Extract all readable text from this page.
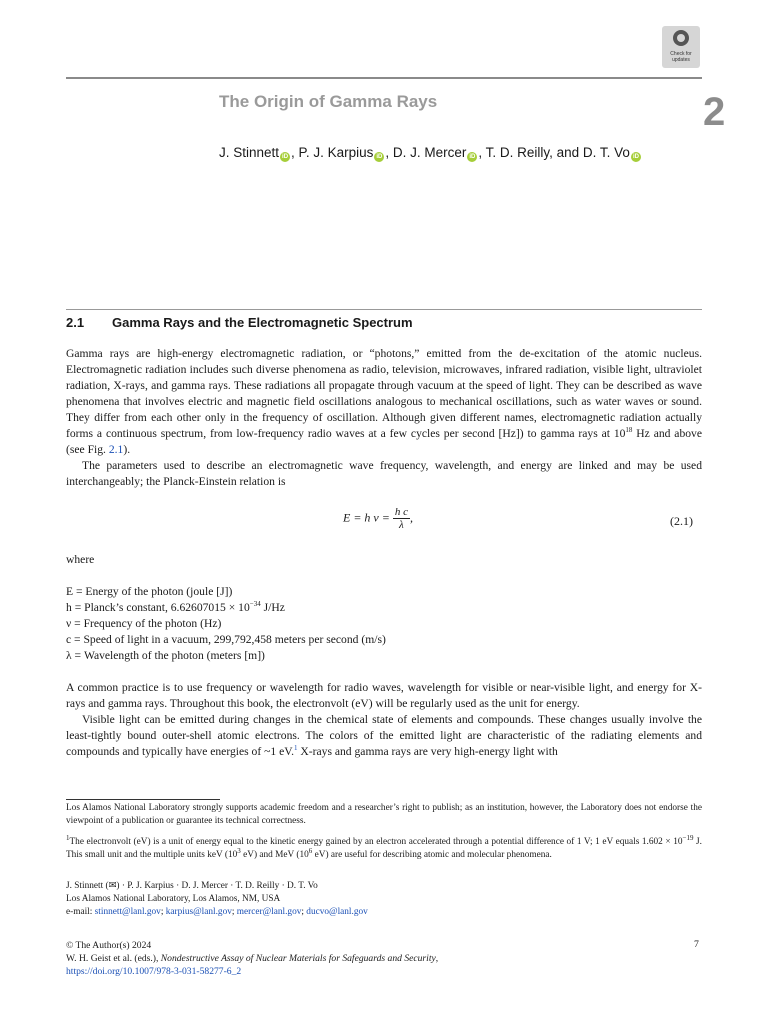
Check for
updates
The Origin of Gamma Rays	2
J. Stinnett iD , P. J. Karpius iD , D. J. Mercer iD , T. D. Reilly, and D. T. Vo iD
2.1 Gamma Rays and the Electromagnetic Spectrum

Gamma rays are high-energy electromagnetic radiation, or “photons,” emitted from the de-excitation of the atomic nucleus. Electromagnetic radiation includes such diverse phenomena as radio, television, microwaves, infrared radiation, visible light, ultraviolet radiation, X-rays, and gamma rays. These radiations all propagate through vacuum at the speed of light. They can be described as wave phenomena that involves electric and magnetic field oscillations analogous to mechanical oscillations, such as water waves or sound. They differ from each other only in the frequency of oscillation. Although given different names, electromagnetic radiation actually forms a continuous spectrum, from low-frequency radio waves at a few cycles per second [Hz]) to gamma rays at $10^{18}$ Hz and above (see Fig. 2.1).

The parameters used to describe an electromagnetic wave frequency, wavelength, and energy are linked and may be used interchangeably; the Planck-Einstein relation is

E = h $\nu = \frac{\text{h c}}{\lambda}$ ,	(2.1)
where
E = Energy of the photon (joule [J])
h = Planck’s constant, $6.62607015 \times 10^{-34}$ J/Hz
ν = Frequency of the photon (Hz)
c = Speed of light in a vacuum, 299,792,458 meters per second (m/s)
λ = Wavelength of the photon (meters [m])

A common practice is to use frequency or wavelength for radio waves, wavelength for visible or near-visible light, and energy for X-rays and gamma rays. Throughout this book, the electronvolt (eV) will be regularly used as the unit for energy.

Visible light can be emitted during changes in the chemical state of elements and compounds. These changes usually involve the least-tightly bound outer-shell atomic electrons. The colors of the emitted light are characteristic of the radiating elements and compounds and typically have energies of ~1 eV.$^1$ X-rays and gamma rays are very high-energy light with

Los Alamos National Laboratory strongly supports academic freedom and a researcher’s right to publish; as an institution, however, the Laboratory does not endorse the viewpoint of a publication or guarantee its technical correctness.
$^1$The electronvolt (eV) is a unit of energy equal to the kinetic energy gained by an electron accelerated through a potential difference of 1 V; 1 eV equals $1.602 \times 10^{-19}$ J. This small unit and the multiple units keV ($10^3$ eV) and MeV ($10^6$ eV) are useful for describing atomic and molecular phenomena.
J. Stinnett (✉) · P. J. Karpius · D. J. Mercer · T. D. Reilly · D. T. Vo
Los Alamos National Laboratory, Los Alamos, NM, USA
e-mail: stinnett@lanl.gov; karpius@lanl.gov; mercer@lanl.gov; ducvo@lanl.gov
© The Author(s) 2024
W. H. Geist et al. (eds.), Nondestructive Assay of Nuclear Materials for Safeguards and Security,
https://doi.org/10.1007/978-3-031-58277-6_2
7
